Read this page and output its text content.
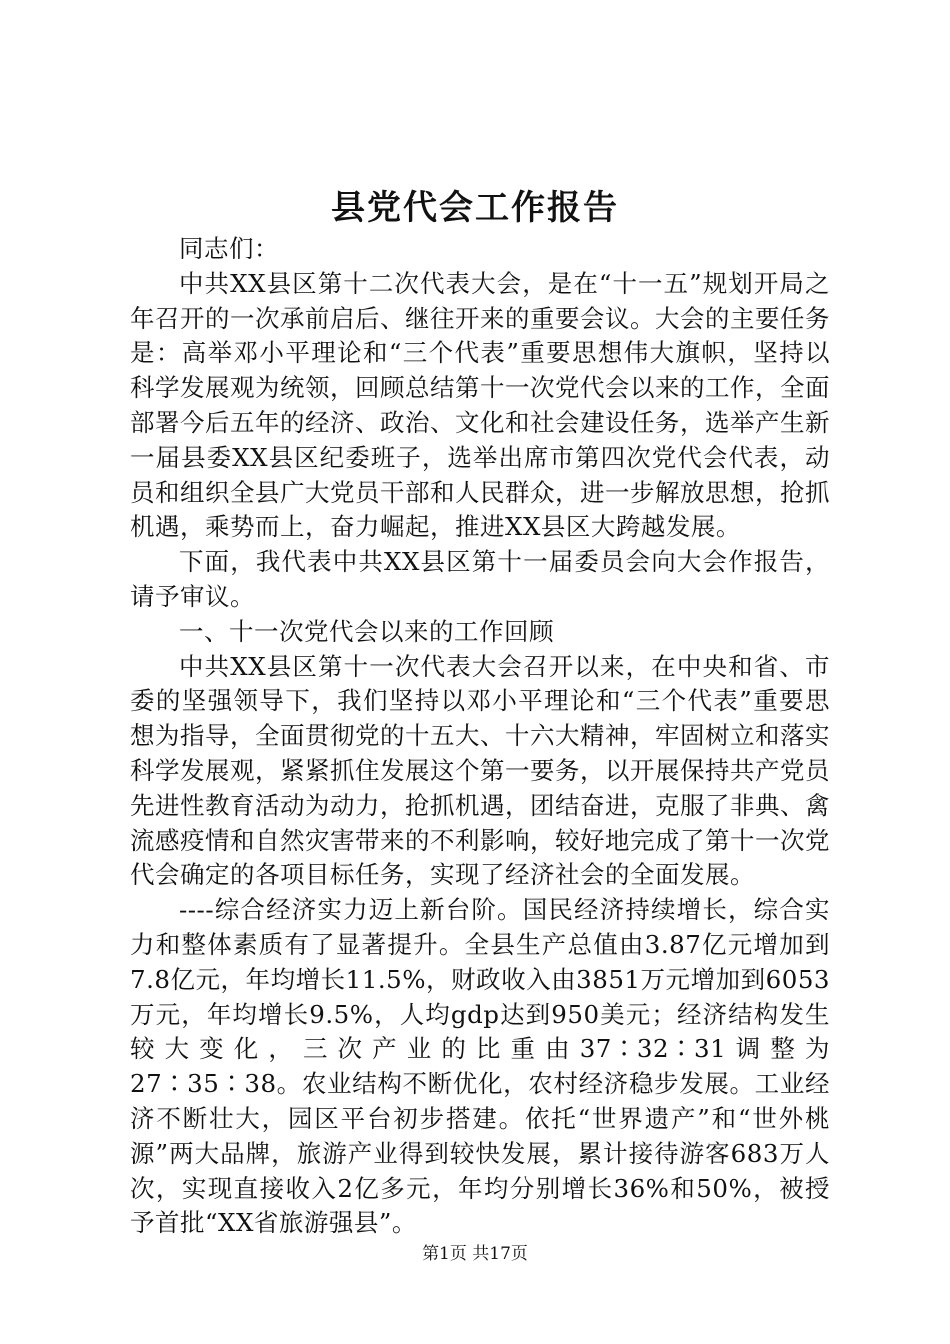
县党代会工作报告

同志们：

中共XX县区第十二次代表大会，是在“十一五”规划开局之年召开的一次承前启后、继往开来的重要会议。大会的主要任务是：高举邓小平理论和“三个代表”重要思想伟大旗帜，坚持以科学发展观为统领，回顾总结第十一次党代会以来的工作，全面部署今后五年的经济、政治、文化和社会建设任务，选举产生新一届县委XX县区纪委班子，选举出席市第四次党代会代表，动员和组织全县广大党员干部和人民群众，进一步解放思想，抢抓机遇，乘势而上，奋力崛起，推进XX县区大跨越发展。

下面，我代表中共XX县区第十一届委员会向大会作报告，请予审议。

一、十一次党代会以来的工作回顾

中共XX县区第十一次代表大会召开以来，在中央和省、市委的坚强领导下，我们坚持以邓小平理论和“三个代表”重要思想为指导，全面贯彻党的十五大、十六大精神，牢固树立和落实科学发展观，紧紧抓住发展这个第一要务，以开展保持共产党员先进性教育活动为动力，抢抓机遇，团结奋进，克服了非典、禽流感疫情和自然灾害带来的不利影响，较好地完成了第十一次党代会确定的各项目标任务，实现了经济社会的全面发展。

----综合经济实力迈上新台阶。国民经济持续增长，综合实力和整体素质有了显著提升。全县生产总值由3.87亿元增加到7.8亿元，年均增长11.5%，财政收入由3851万元增加到6053万元，年均增长9.5%，人均gdp达到950美元；经济结构发生较大变化，三次产业的比重由37∶32∶31调整为27∶35∶38。农业结构不断优化，农村经济稳步发展。工业经济不断壮大，园区平台初步搭建。依托“世界遗产”和“世外桃源”两大品牌，旅游产业得到较快发展，累计接待游客683万人次，实现直接收入2亿多元，年均分别增长36%和50%，被授予首批“XX省旅游强县”。

第1页 共17页
